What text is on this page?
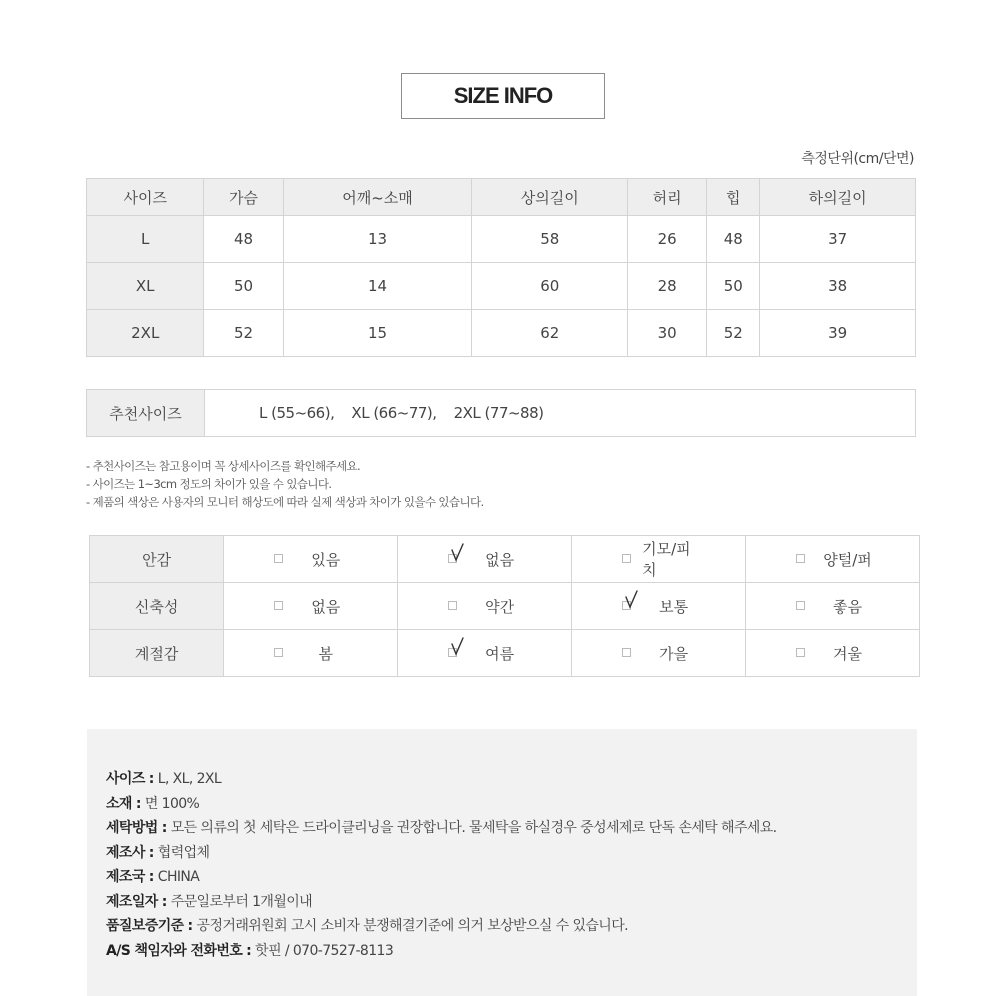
SIZE INFO
측정단위(cm/단면)
사이즈	가슴	어깨~소매	상의길이	허리	힙	하의길이
L	48	13	58	26	48	37
XL	50	14	60	28	50	38
2XL	52	15	62	30	52	39
추천사이즈	L (55~66),    XL (66~77),    2XL (77~88)
- 추천사이즈는 참고용이며 꼭 상세사이즈를 확인해주세요.
- 사이즈는 1~3cm 정도의 차이가 있을 수 있습니다.
- 제품의 색상은 사용자의 모니터 해상도에 따라 실제 색상과 차이가 있을수 있습니다.
안감	있음	없음	기모/피치	양털/퍼

신축성	없음	약간	보통	좋음

계절감	봄	여름	가을	겨울
사이즈 : L, XL, 2XL
소재 : 면 100%
세탁방법 : 모든 의류의 첫 세탁은 드라이클리닝을 권장합니다. 물세탁을 하실경우 중성세제로 단독 손세탁 해주세요.
제조사 : 협력업체
제조국 : CHINA
제조일자 : 주문일로부터 1개월이내
품질보증기준 : 공정거래위원회 고시 소비자 분쟁해결기준에 의거 보상받으실 수 있습니다.
A/S 책임자와 전화번호 : 핫핀 / 070-7527-8113
